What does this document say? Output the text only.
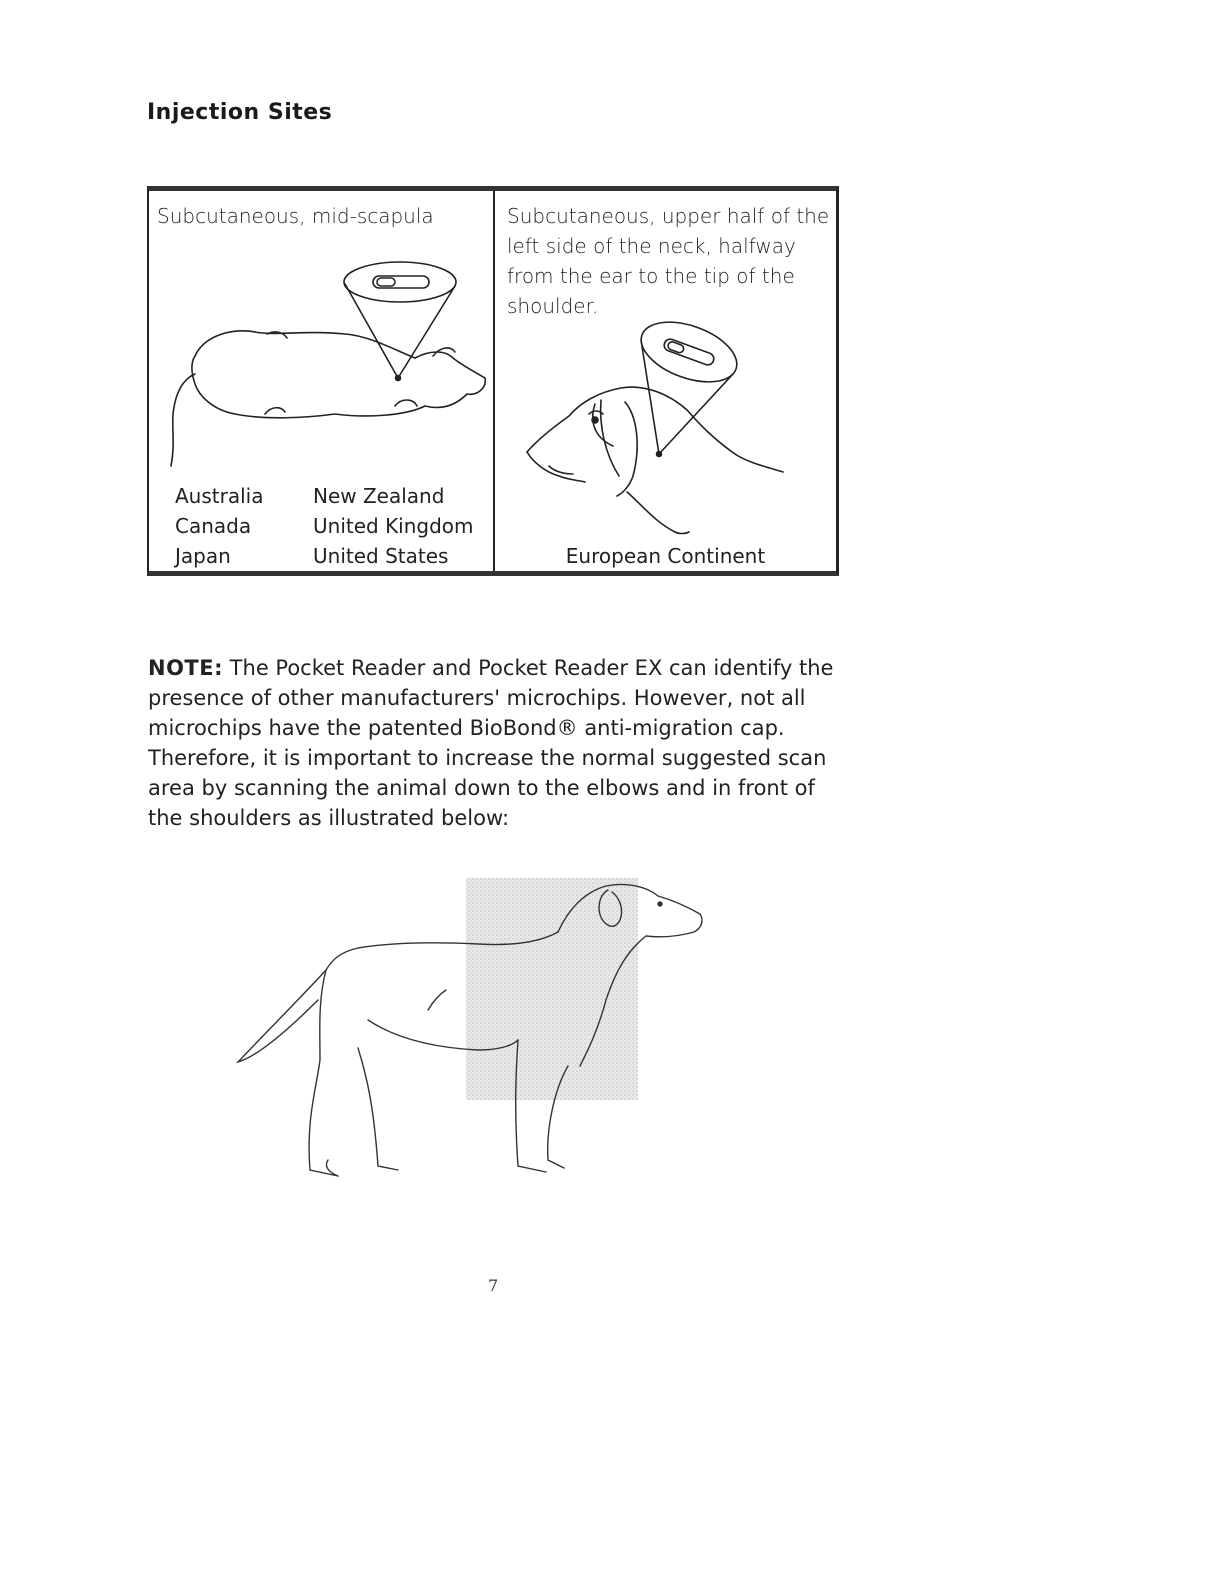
Injection Sites
Subcutaneous, mid-scapula
Australia
Canada
Japan
New Zealand
United Kingdom
United States
Subcutaneous, upper half of the left side of the neck, halfway from the ear to the tip of the shoulder.
European Continent

NOTE: The Pocket Reader and Pocket Reader EX can identify the presence of other manufacturers' microchips. However, not all microchips have the patented BioBond® anti-migration cap. Therefore, it is important to increase the normal suggested scan area by scanning the animal down to the elbows and in front of the shoulders as illustrated below:

7
